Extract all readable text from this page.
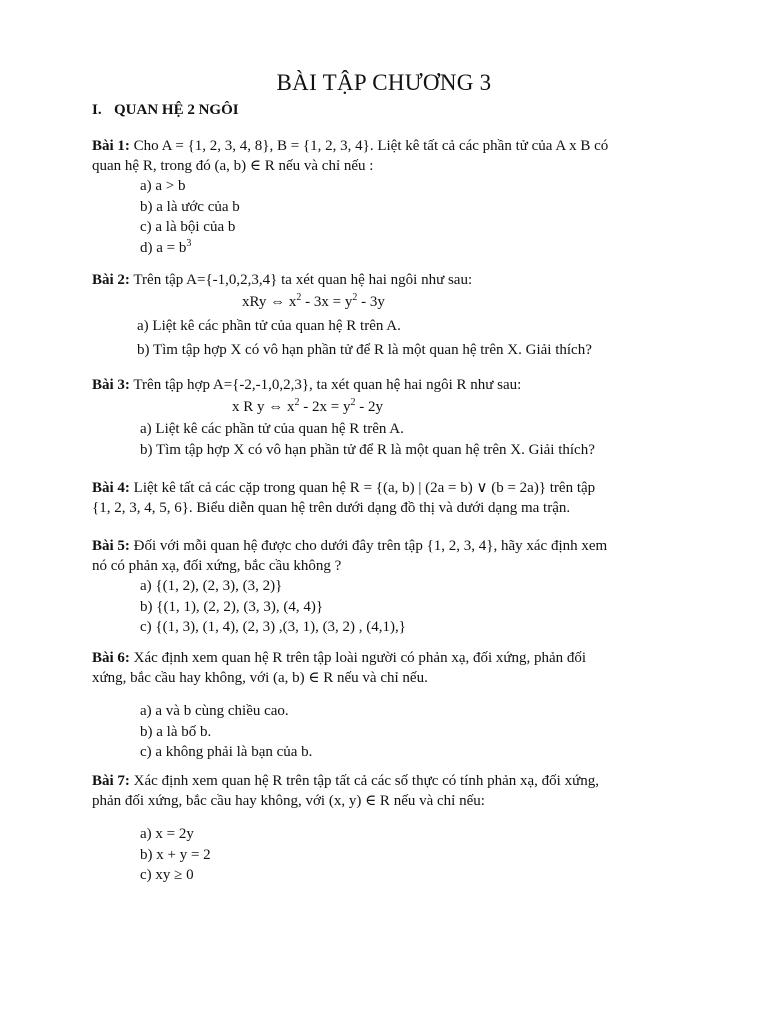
BÀI TẬP CHƯƠNG 3
I. QUAN HỆ 2 NGÔI
Bài 1: Cho A = {1, 2, 3, 4, 8}, B = {1, 2, 3, 4}. Liệt kê tất cả các phần tử của A x B có
quan hệ R, trong đó (a, b) ∈ R nếu và chỉ nếu :
a) a > b
b) a là ước của b
c) a là bội của b
d) $a = b^3$
Bài 2: Trên tập A={-1,0,2,3,4} ta xét quan hệ hai ngôi như sau:
xRy ⇔ $x^2 - 3x = y^2 - 3y$
a) Liệt kê các phần tử của quan hệ R trên A.
b) Tìm tập hợp X có vô hạn phần tử để R là một quan hệ trên X. Giải thích?
Bài 3: Trên tập hợp A={-2,-1,0,2,3}, ta xét quan hệ hai ngôi R như sau:
x R y ⇔ $x^2 - 2x = y^2 - 2y$
a) Liệt kê các phần tử của quan hệ R trên A.
b) Tìm tập hợp X có vô hạn phần tử để R là một quan hệ trên X. Giải thích?
Bài 4: Liệt kê tất cả các cặp trong quan hệ R = {(a, b) | (2a = b) ∨ (b = 2a)} trên tập
{1, 2, 3, 4, 5, 6}. Biểu diễn quan hệ trên dưới dạng đồ thị và dưới dạng ma trận.
Bài 5: Đối với mỗi quan hệ được cho dưới đây trên tập {1, 2, 3, 4}, hãy xác định xem
nó có phản xạ, đối xứng, bắc cầu không ?
a) {(1, 2), (2, 3), (3, 2)}
b) {(1, 1), (2, 2), (3, 3), (4, 4)}
c) {(1, 3), (1, 4), (2, 3) ,(3, 1), (3, 2) , (4,1),}
Bài 6: Xác định xem quan hệ R trên tập loài người có phản xạ, đối xứng, phản đối
xứng, bắc cầu hay không, với (a, b) ∈ R nếu và chỉ nếu.
a) a và b cùng chiều cao.
b) a là bố b.
c) a không phải là bạn của b.
Bài 7: Xác định xem quan hệ R trên tập tất cả các số thực có tính phản xạ, đối xứng,
phản đối xứng, bắc cầu hay không, với (x, y) ∈ R nếu và chỉ nếu:
a) x = 2y
b) x + y = 2
c) xy ≥ 0
